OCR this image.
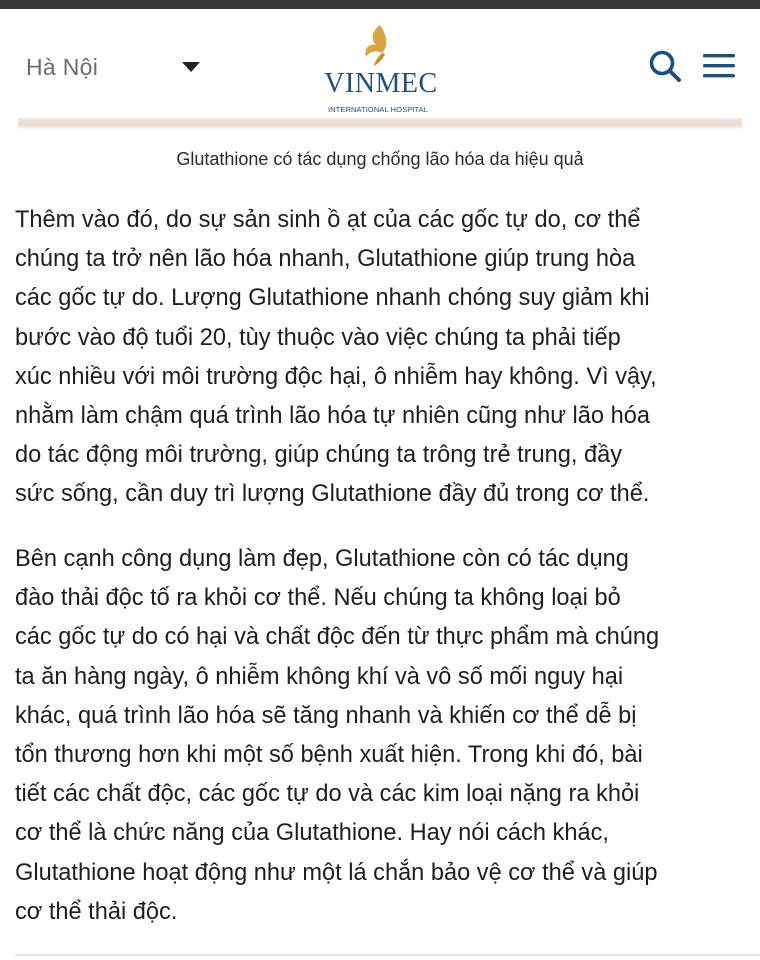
Hà Nội
VINMEC
INTERNATIONAL HOSPITAL
Glutathione có tác dụng chống lão hóa da hiệu quả

Thêm vào đó, do sự sản sinh ồ ạt của các gốc tự do, cơ thể
chúng ta trở nên lão hóa nhanh, Glutathione giúp trung hòa
các gốc tự do. Lượng Glutathione nhanh chóng suy giảm khi
bước vào độ tuổi 20, tùy thuộc vào việc chúng ta phải tiếp
xúc nhiều với môi trường độc hại, ô nhiễm hay không. Vì vậy,
nhằm làm chậm quá trình lão hóa tự nhiên cũng như lão hóa
do tác động môi trường, giúp chúng ta trông trẻ trung, đầy
sức sống, cần duy trì lượng Glutathione đầy đủ trong cơ thể.

Bên cạnh công dụng làm đẹp, Glutathione còn có tác dụng
đào thải độc tố ra khỏi cơ thể. Nếu chúng ta không loại bỏ
các gốc tự do có hại và chất độc đến từ thực phẩm mà chúng
ta ăn hàng ngày, ô nhiễm không khí và vô số mối nguy hại
khác, quá trình lão hóa sẽ tăng nhanh và khiến cơ thể dễ bị
tổn thương hơn khi một số bệnh xuất hiện. Trong khi đó, bài
tiết các chất độc, các gốc tự do và các kim loại nặng ra khỏi
cơ thể là chức năng của Glutathione. Hay nói cách khác,
Glutathione hoạt động như một lá chắn bảo vệ cơ thể và giúp
cơ thể thải độc.
